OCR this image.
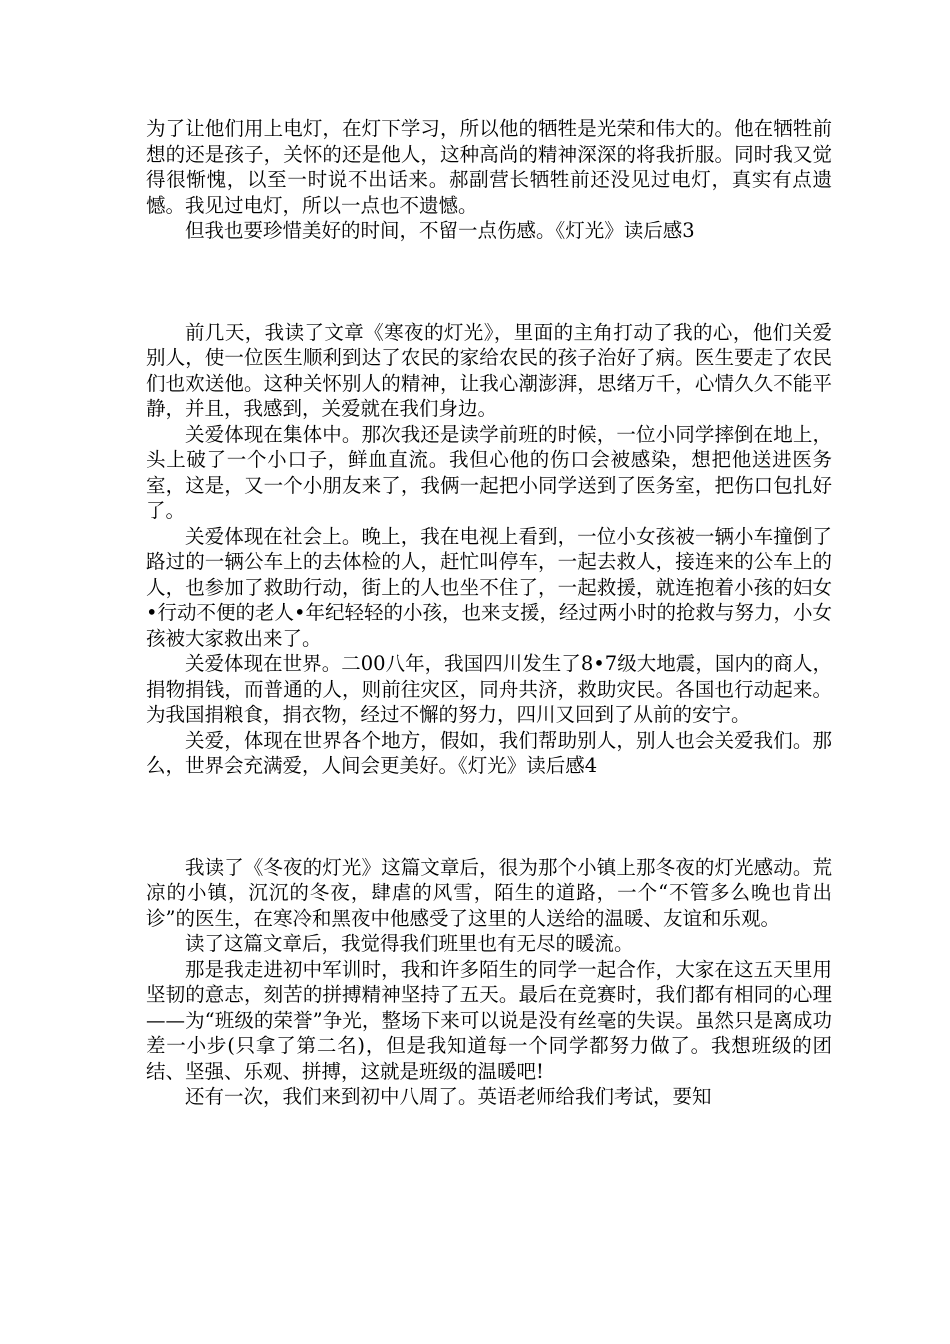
为了让他们用上电灯，在灯下学习，所以他的牺牲是光荣和伟大的。他在牺牲前想的还是孩子，关怀的还是他人，这种高尚的精神深深的将我折服。同时我又觉得很惭愧，以至一时说不出话来。郝副营长牺牲前还没见过电灯，真实有点遗憾。我见过电灯，所以一点也不遗憾。

但我也要珍惜美好的时间，不留一点伤感。《灯光》读后感3

前几天，我读了文章《寒夜的灯光》，里面的主角打动了我的心，他们关爱别人，使一位医生顺利到达了农民的家给农民的孩子治好了病。医生要走了农民们也欢送他。这种关怀别人的精神，让我心潮澎湃，思绪万千，心情久久不能平静，并且，我感到，关爱就在我们身边。

关爱体现在集体中。那次我还是读学前班的时候，一位小同学摔倒在地上，头上破了一个小口子，鲜血直流。我但心他的伤口会被感染，想把他送进医务室，这是，又一个小朋友来了，我俩一起把小同学送到了医务室，把伤口包扎好了。

关爱体现在社会上。晚上，我在电视上看到，一位小女孩被一辆小车撞倒了路过的一辆公车上的去体检的人，赶忙叫停车，一起去救人，接连来的公车上的人，也参加了救助行动，街上的人也坐不住了，一起救援，就连抱着小孩的妇女•行动不便的老人•年纪轻轻的小孩，也来支援，经过两小时的抢救与努力，小女孩被大家救出来了。

关爱体现在世界。二00八年，我国四川发生了8•7级大地震，国内的商人，捐物捐钱，而普通的人，则前往灾区，同舟共济，救助灾民。各国也行动起来。为我国捐粮食，捐衣物，经过不懈的努力，四川又回到了从前的安宁。

关爱，体现在世界各个地方，假如，我们帮助别人，别人也会关爱我们。那么，世界会充满爱，人间会更美好。《灯光》读后感4

我读了《冬夜的灯光》这篇文章后，很为那个小镇上那冬夜的灯光感动。荒凉的小镇，沉沉的冬夜，肆虐的风雪，陌生的道路，一个“不管多么晚也肯出诊”的医生，在寒冷和黑夜中他感受了这里的人送给的温暖、友谊和乐观。

读了这篇文章后，我觉得我们班里也有无尽的暖流。

那是我走进初中军训时，我和许多陌生的同学一起合作，大家在这五天里用坚韧的意志，刻苦的拼搏精神坚持了五天。最后在竞赛时，我们都有相同的心理——为“班级的荣誉”争光，整场下来可以说是没有丝毫的失误。虽然只是离成功差一小步(只拿了第二名)，但是我知道每一个同学都努力做了。我想班级的团结、坚强、乐观、拼搏，这就是班级的温暖吧!

还有一次，我们来到初中八周了。英语老师给我们考试，要知
